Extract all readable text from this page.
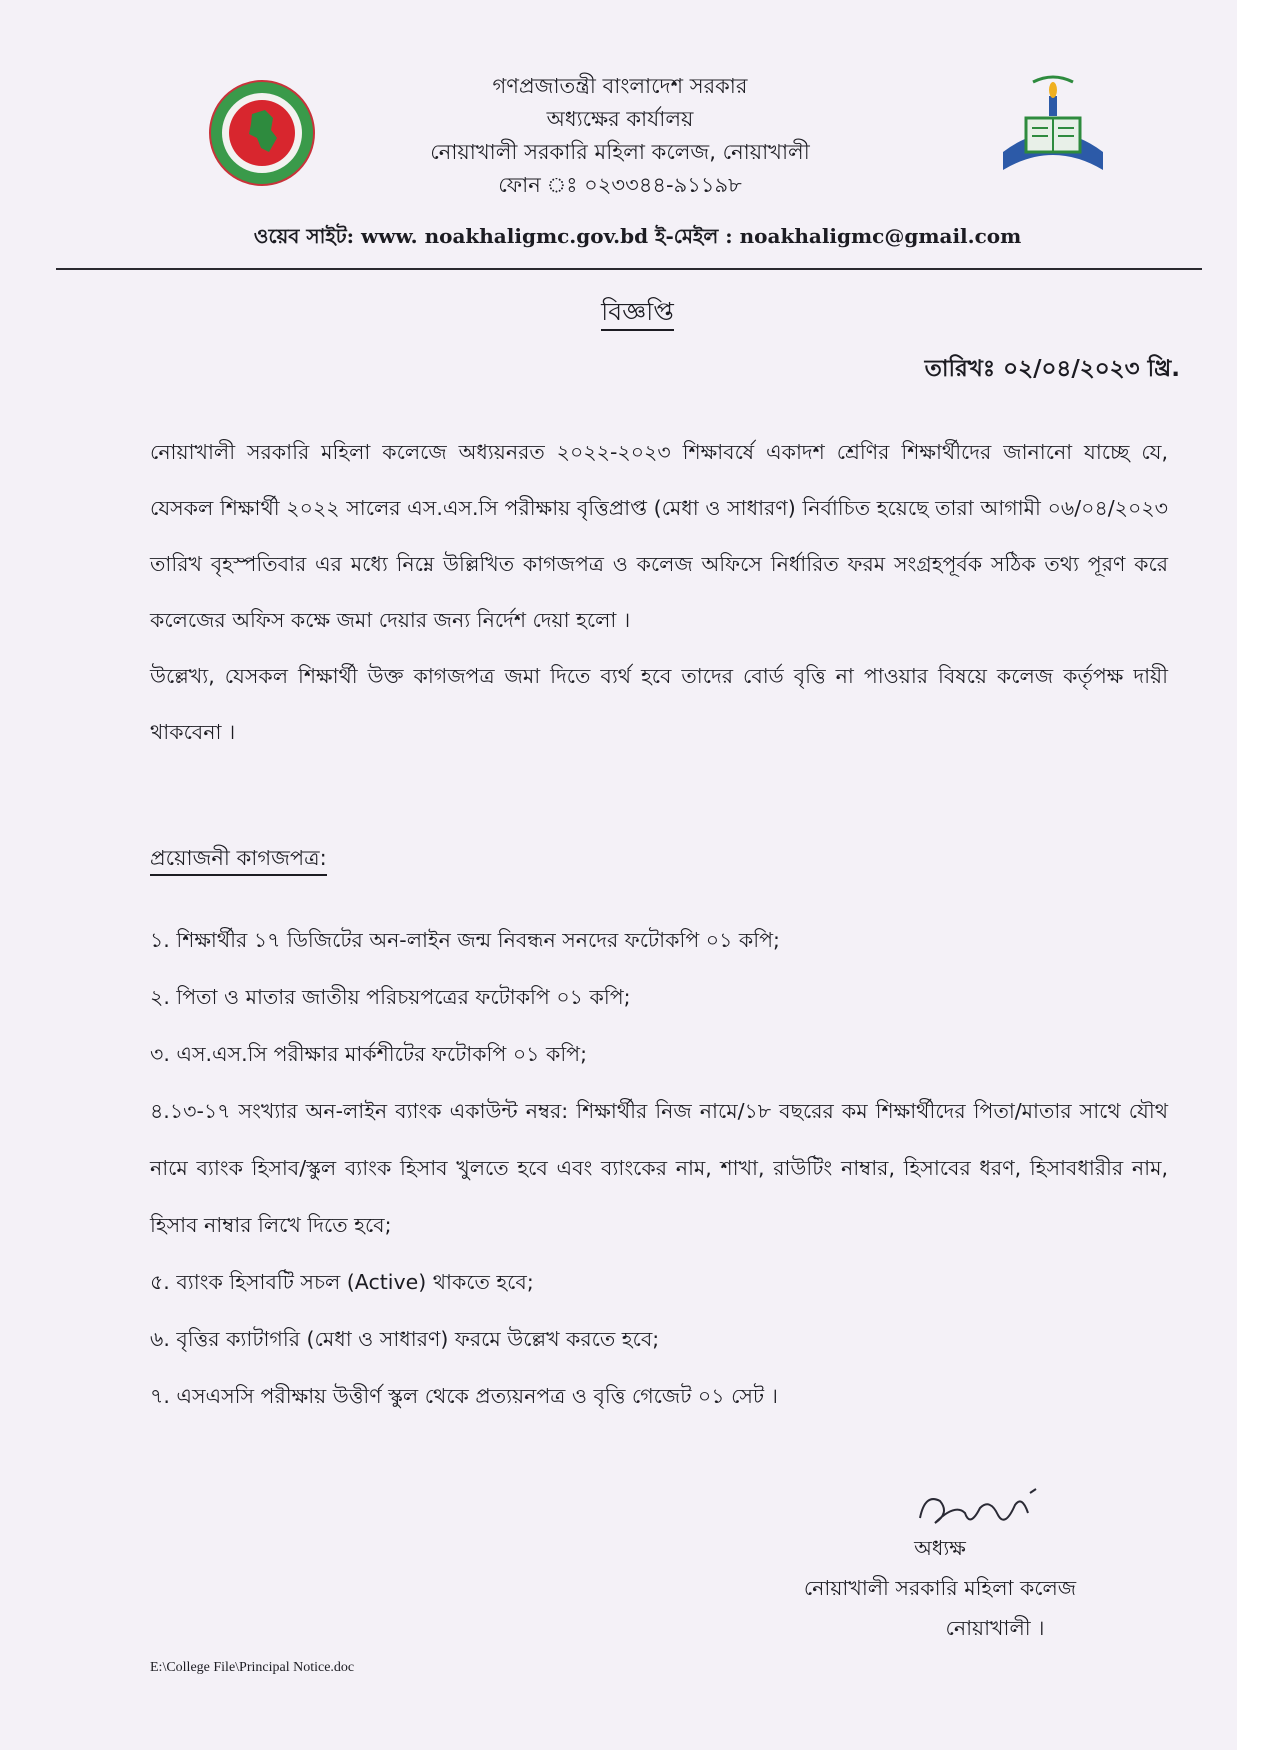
গণপ্রজাতন্ত্রী বাংলাদেশ সরকার
অধ্যক্ষের কার্যালয়
নোয়াখালী সরকারি মহিলা কলেজ, নোয়াখালী
ফোন ঃ ০২৩৩৪৪-৯১১৯৮
ওয়েব সাইট: www. noakhaligmc.gov.bd ই-মেইল : noakhaligmc@gmail.com
বিজ্ঞপ্তি
তারিখঃ ০২/০৪/২০২৩ খ্রি.

নোয়াখালী সরকারি মহিলা কলেজে অধ্যয়নরত ২০২২-২০২৩ শিক্ষাবর্ষে একাদশ শ্রেণির শিক্ষার্থীদের জানানো যাচ্ছে যে, যেসকল শিক্ষার্থী ২০২২ সালের এস.এস.সি পরীক্ষায় বৃত্তিপ্রাপ্ত (মেধা ও সাধারণ) নির্বাচিত হয়েছে তারা আগামী ০৬/০৪/২০২৩ তারিখ বৃহস্পতিবার এর মধ্যে নিম্নে উল্লিখিত কাগজপত্র ও কলেজ অফিসে নির্ধারিত ফরম সংগ্রহপূর্বক সঠিক তথ্য পূরণ করে কলেজের অফিস কক্ষে জমা দেয়ার জন্য নির্দেশ দেয়া হলো ।

উল্লেখ্য, যেসকল শিক্ষার্থী উক্ত কাগজপত্র জমা দিতে ব্যর্থ হবে তাদের বোর্ড বৃত্তি না পাওয়ার বিষয়ে কলেজ কর্তৃপক্ষ দায়ী থাকবেনা ।

প্রয়োজনী কাগজপত্র:
১. শিক্ষার্থীর ১৭ ডিজিটের অন-লাইন জন্ম নিবন্ধন সনদের ফটোকপি ০১ কপি;
২. পিতা ও মাতার জাতীয় পরিচয়পত্রের ফটোকপি ০১ কপি;
৩. এস.এস.সি পরীক্ষার মার্কশীটের ফটোকপি ০১ কপি;
৪.১৩-১৭ সংখ্যার অন-লাইন ব্যাংক একাউন্ট নম্বর: শিক্ষার্থীর নিজ নামে/১৮ বছরের কম শিক্ষার্থীদের পিতা/মাতার সাথে যৌথ নামে ব্যাংক হিসাব/স্কুল ব্যাংক হিসাব খুলতে হবে এবং ব্যাংকের নাম, শাখা, রাউটিং নাম্বার, হিসাবের ধরণ, হিসাবধারীর নাম, হিসাব নাম্বার লিখে দিতে হবে;
৫. ব্যাংক হিসাবটি সচল (Active) থাকতে হবে;
৬. বৃত্তির ক্যাটাগরি (মেধা ও সাধারণ) ফরমে উল্লেখ করতে হবে;
৭. এসএসসি পরীক্ষায় উত্তীর্ণ স্কুল থেকে প্রত্যয়নপত্র ও বৃত্তি গেজেট ০১ সেট ।
অধ্যক্ষ
নোয়াখালী সরকারি মহিলা কলেজ
নোয়াখালী ।
E:\College File\Principal Notice.doc
